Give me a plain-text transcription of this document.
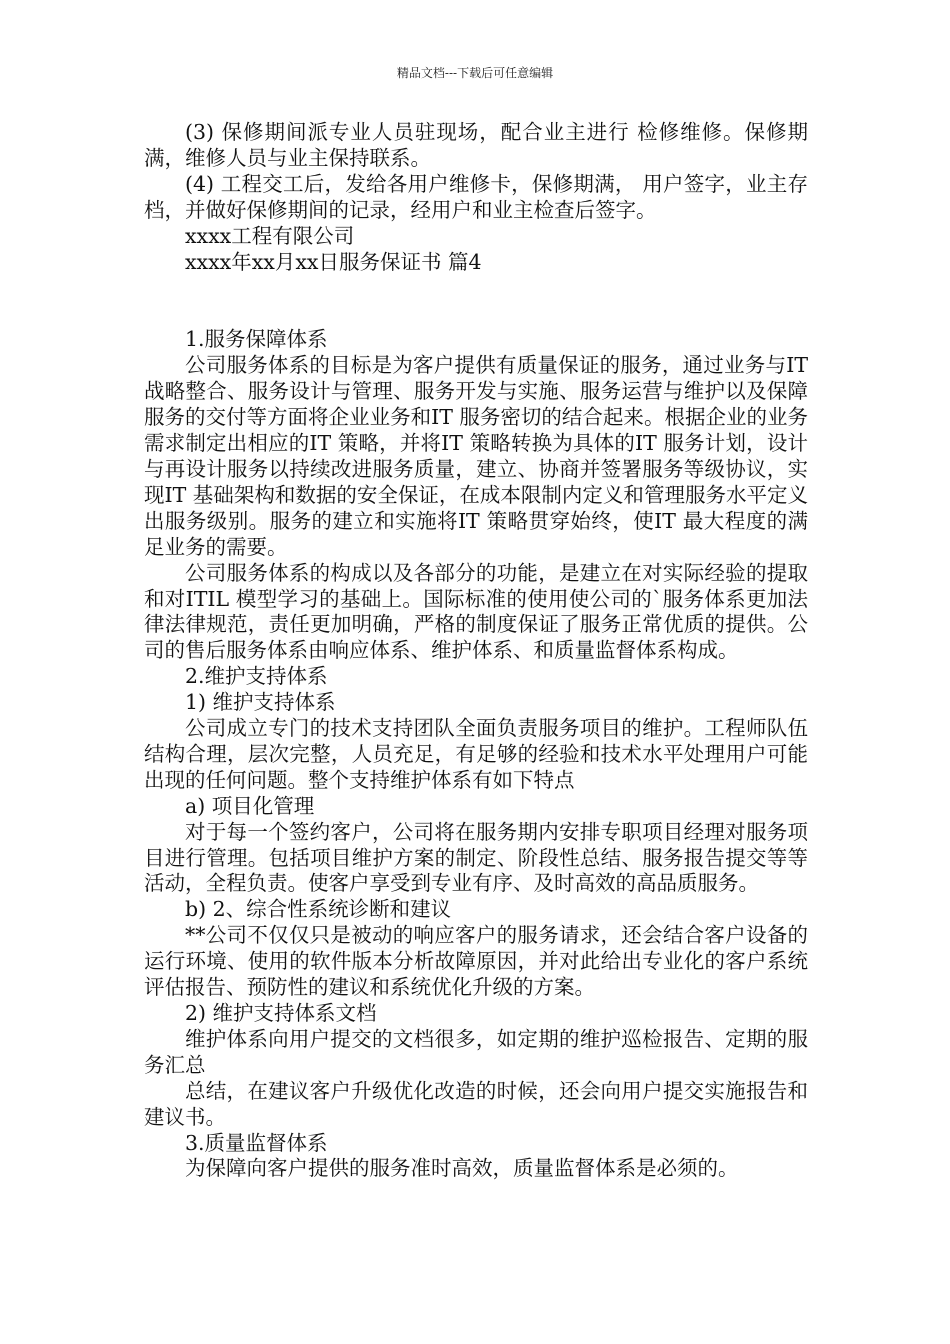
精品文档---下载后可任意编辑

(3) 保修期间派专业人员驻现场，配合业主进行 检修维修。保修期满，维修人员与业主保持联系。

(4) 工程交工后，发给各用户维修卡，保修期满， 用户签字，业主存档，并做好保修期间的记录，经用户和业主检查后签字。

xxxx工程有限公司

xxxx年xx月xx日服务保证书 篇4

1.服务保障体系

公司服务体系的目标是为客户提供有质量保证的服务，通过业务与IT 战略整合、服务设计与管理、服务开发与实施、服务运营与维护以及保障服务的交付等方面将企业业务和IT 服务密切的结合起来。根据企业的业务需求制定出相应的IT 策略，并将IT 策略转换为具体的IT 服务计划，设计与再设计服务以持续改进服务质量，建立、协商并签署服务等级协议，实现IT 基础架构和数据的安全保证，在成本限制内定义和管理服务水平定义出服务级别。服务的建立和实施将IT 策略贯穿始终，使IT 最大程度的满足业务的需要。

公司服务体系的构成以及各部分的功能，是建立在对实际经验的提取和对ITIL 模型学习的基础上。国际标准的使用使公司的`服务体系更加法律法律规范，责任更加明确，严格的制度保证了服务正常优质的提供。公司的售后服务体系由响应体系、维护体系、和质量监督体系构成。

2.维护支持体系

1) 维护支持体系

公司成立专门的技术支持团队全面负责服务项目的维护。工程师队伍结构合理，层次完整，人员充足，有足够的经验和技术水平处理用户可能出现的任何问题。整个支持维护体系有如下特点

a) 项目化管理

对于每一个签约客户，公司将在服务期内安排专职项目经理对服务项目进行管理。包括项目维护方案的制定、阶段性总结、服务报告提交等等活动，全程负责。使客户享受到专业有序、及时高效的高品质服务。

b) 2、综合性系统诊断和建议

**公司不仅仅只是被动的响应客户的服务请求，还会结合客户设备的运行环境、使用的软件版本分析故障原因，并对此给出专业化的客户系统评估报告、预防性的建议和系统优化升级的方案。

2) 维护支持体系文档

维护体系向用户提交的文档很多，如定期的维护巡检报告、定期的服务汇总

总结，在建议客户升级优化改造的时候，还会向用户提交实施报告和建议书。

3.质量监督体系

为保障向客户提供的服务准时高效，质量监督体系是必须的。
